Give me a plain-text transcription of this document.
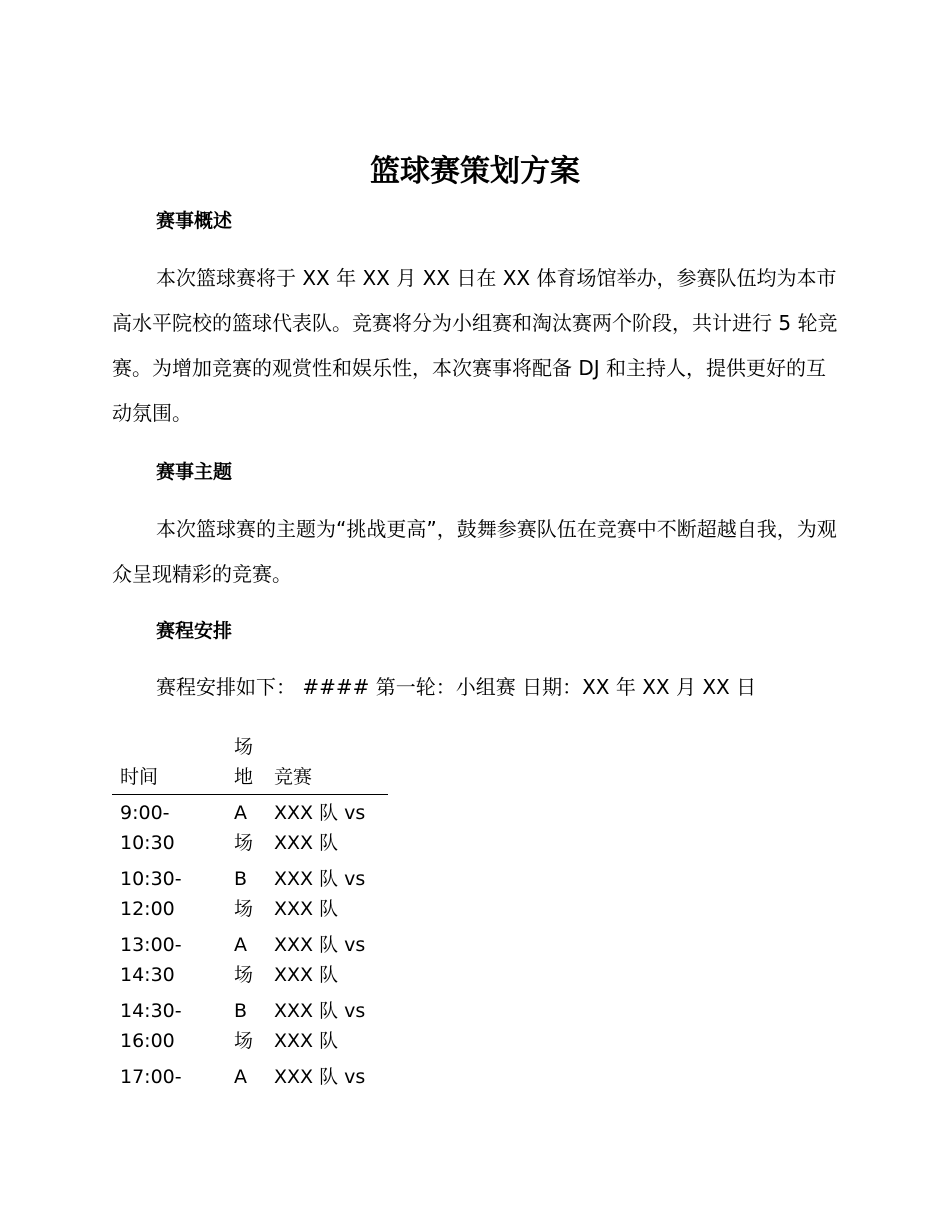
篮球赛策划方案
赛事概述
本次篮球赛将于 XX 年 XX 月 XX 日在 XX 体育场馆举办，参赛队伍均为本市高水平院校的篮球代表队。竞赛将分为小组赛和淘汰赛两个阶段，共计进行 5 轮竞赛。为增加竞赛的观赏性和娱乐性，本次赛事将配备 DJ 和主持人，提供更好的互动氛围。
赛事主题
本次篮球赛的主题为“挑战更高”，鼓舞参赛队伍在竞赛中不断超越自我，为观众呈现精彩的竞赛。
赛程安排
赛程安排如下： #### 第一轮：小组赛 日期：XX 年 XX 月 XX 日
时间	场地	竞赛
9:00-10:30	A 场	XXX 队 vs XXX 队
10:30-12:00	B 场	XXX 队 vs XXX 队
13:00-14:30	A 场	XXX 队 vs XXX 队
14:30-16:00	B 场	XXX 队 vs XXX 队
17:00-	A	XXX 队 vs
